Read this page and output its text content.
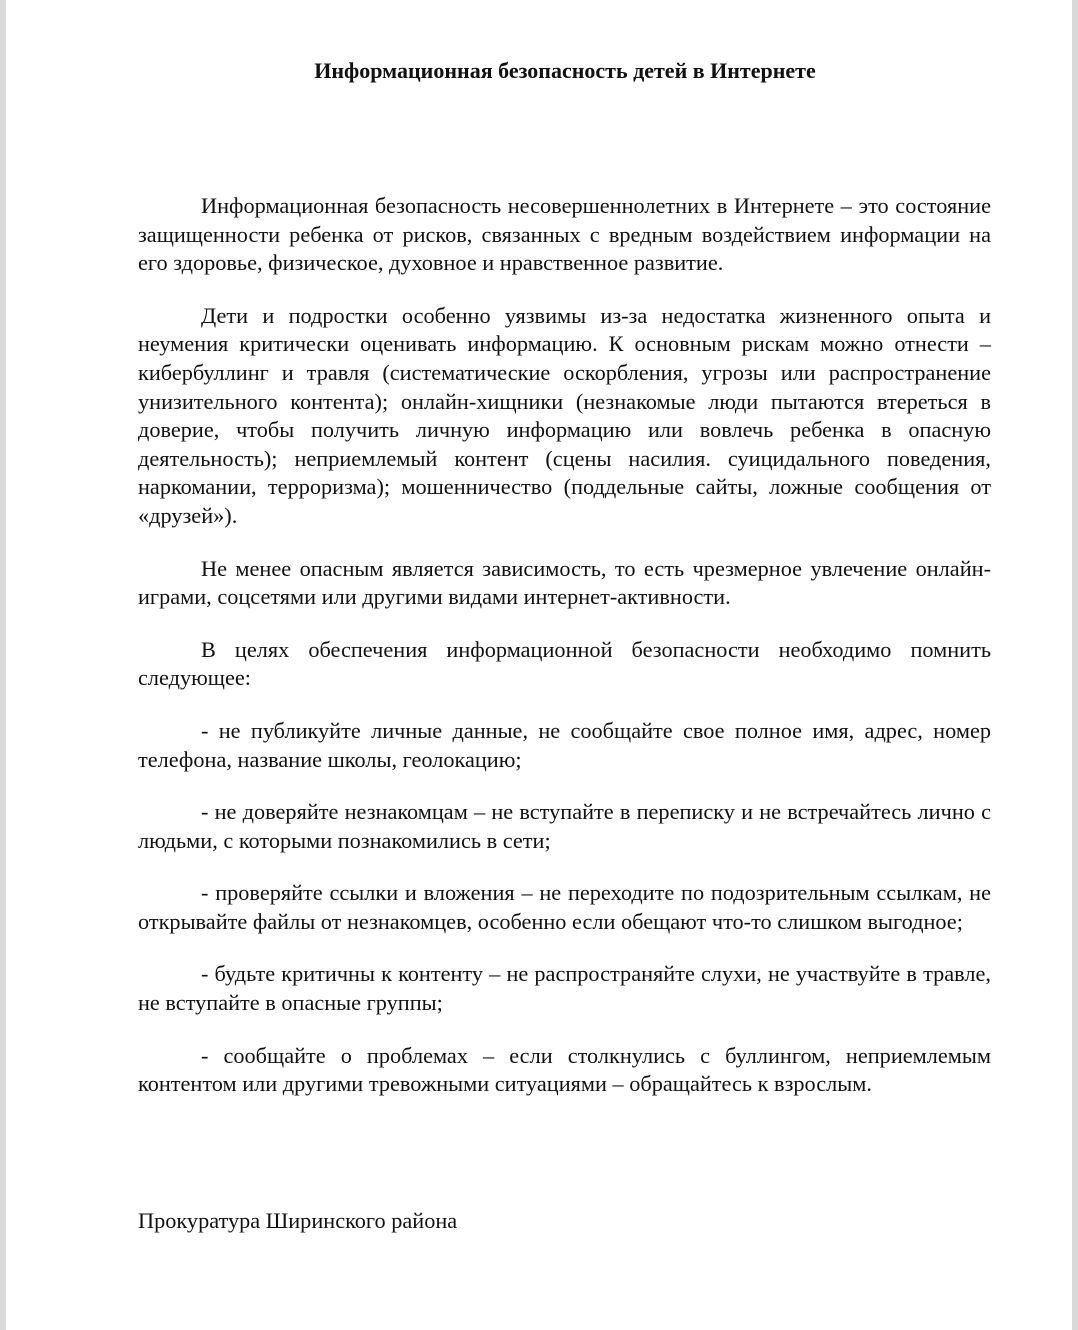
Информационная безопасность детей в Интернете

Информационная безопасность несовершеннолетних в Интернете – это состояние защищенности ребенка от рисков, связанных с вредным воздействием информации на его здоровье, физическое, духовное и нравственное развитие.

Дети и подростки особенно уязвимы из-за недостатка жизненного опыта и неумения критически оценивать информацию. К основным рискам можно отнести – кибербуллинг и травля (систематические оскорбления, угрозы или распространение унизительного контента); онлайн-хищники (незнакомые люди пытаются втереться в доверие, чтобы получить личную информацию или вовлечь ребенка в опасную деятельность); неприемлемый контент (сцены насилия. суицидального поведения, наркомании, терроризма); мошенничество (поддельные сайты, ложные сообщения от «друзей»).

Не менее опасным является зависимость, то есть чрезмерное увлечение онлайн-играми, соцсетями или другими видами интернет-активности.

В целях обеспечения информационной безопасности необходимо помнить следующее:

- не публикуйте личные данные, не сообщайте свое полное имя, адрес, номер телефона, название школы, геолокацию;

- не доверяйте незнакомцам – не вступайте в переписку и не встречайтесь лично с людьми, с которыми познакомились в сети;

- проверяйте ссылки и вложения – не переходите по подозрительным ссылкам, не открывайте файлы от незнакомцев, особенно если обещают что-то слишком выгодное;

- будьте критичны к контенту – не распространяйте слухи, не участвуйте в травле, не вступайте в опасные группы;

- сообщайте о проблемах – если столкнулись с буллингом, неприемлемым контентом или другими тревожными ситуациями – обращайтесь к взрослым.

Прокуратура Ширинского района
